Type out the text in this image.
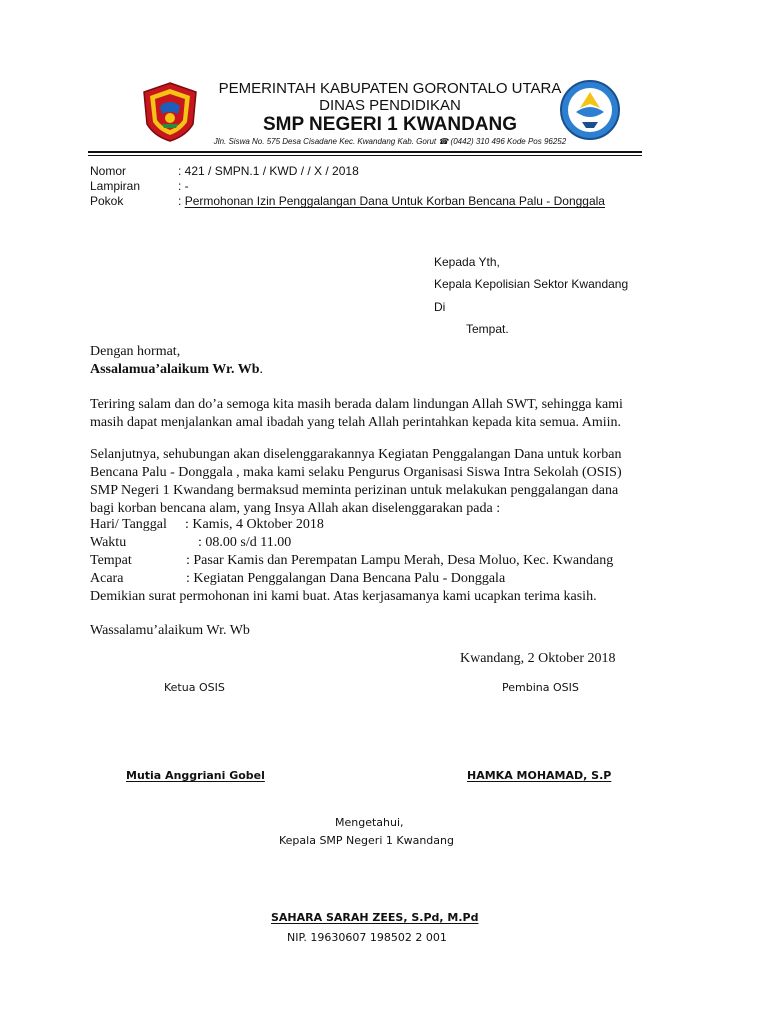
PEMERINTAH KABUPATEN GORONTALO UTARA
DINAS PENDIDIKAN
SMP NEGERI 1 KWANDANG
Jln. Siswa No. 575 Desa Cisadane Kec. Kwandang Kab. Gorut ☎ (0442) 310 496 Kode Pos 96252
Nomor	: 421 / SMPN.1 / KWD / / X / 2018
Lampiran	: -
Pokok	: Permohonan Izin Penggalangan Dana Untuk Korban Bencana Palu - Donggala
Kepada Yth,
Kepala Kepolisian Sektor Kwandang
Di
Tempat.
Dengan hormat,
Assalamua’alaikum Wr. Wb.
Teriring salam dan do’a semoga kita masih berada dalam lindungan Allah SWT, sehingga kami
masih dapat menjalankan amal ibadah yang telah Allah perintahkan kepada kita semua. Amiin.
Selanjutnya, sehubungan akan diselenggarakannya Kegiatan Penggalangan Dana untuk korban
Bencana Palu - Donggala , maka kami selaku Pengurus Organisasi Siswa Intra Sekolah (OSIS)
SMP Negeri 1 Kwandang bermaksud meminta perizinan untuk melakukan penggalangan dana
bagi korban bencana alam, yang Insya Allah akan diselenggarakan pada :
Hari/ Tanggal : Kamis, 4 Oktober 2018
Waktu	: 08.00 s/d 11.00
Tempat	: Pasar Kamis dan Perempatan Lampu Merah, Desa Moluo, Kec. Kwandang
Acara	: Kegiatan Penggalangan Dana Bencana Palu - Donggala
Demikian surat permohonan ini kami buat. Atas kerjasamanya kami ucapkan terima kasih.
Wassalamu’alaikum Wr. Wb
Kwandang, 2 Oktober 2018
Ketua OSIS	Pembina OSIS
Mutia Anggriani Gobel	HAMKA MOHAMAD, S.P
Mengetahui,
Kepala SMP Negeri 1 Kwandang
SAHARA SARAH ZEES, S.Pd, M.Pd
NIP. 19630607 198502 2 001
